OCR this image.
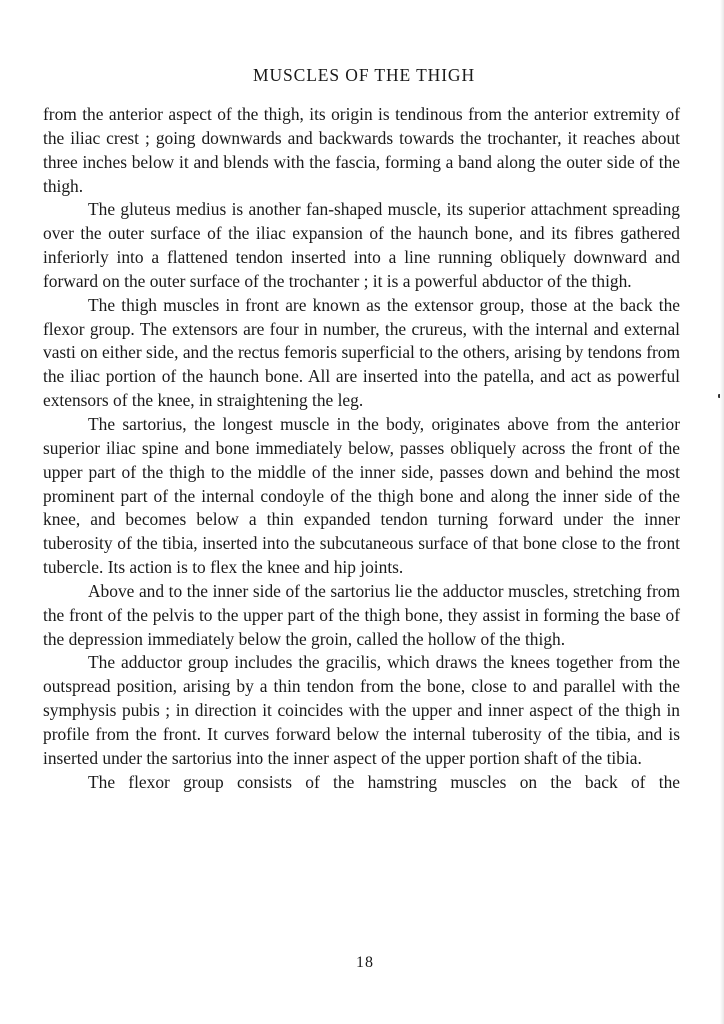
MUSCLES OF THE THIGH

from the anterior aspect of the thigh, its origin is tendinous from the anterior extremity of the iliac crest ; going downwards and backwards towards the trochanter, it reaches about three inches below it and blends with the fascia, forming a band along the outer side of the thigh.

The gluteus medius is another fan-shaped muscle, its superior attachment spreading over the outer surface of the iliac expansion of the haunch bone, and its fibres gathered inferiorly into a flattened tendon inserted into a line running obliquely downward and forward on the outer surface of the trochanter ; it is a powerful abductor of the thigh.

The thigh muscles in front are known as the extensor group, those at the back the flexor group. The extensors are four in number, the crureus, with the internal and external vasti on either side, and the rectus femoris superficial to the others, arising by tendons from the iliac portion of the haunch bone. All are inserted into the patella, and act as powerful extensors of the knee, in straightening the leg.

The sartorius, the longest muscle in the body, originates above from the anterior superior iliac spine and bone immediately below, passes obliquely across the front of the upper part of the thigh to the middle of the inner side, passes down and behind the most prominent part of the internal condoyle of the thigh bone and along the inner side of the knee, and becomes below a thin expanded tendon turning forward under the inner tuberosity of the tibia, inserted into the subcutaneous surface of that bone close to the front tubercle. Its action is to flex the knee and hip joints.

Above and to the inner side of the sartorius lie the adductor muscles, stretching from the front of the pelvis to the upper part of the thigh bone, they assist in forming the base of the depression immediately below the groin, called the hollow of the thigh.

The adductor group includes the gracilis, which draws the knees together from the outspread position, arising by a thin tendon from the bone, close to and parallel with the symphysis pubis ; in direction it coincides with the upper and inner aspect of the thigh in profile from the front. It curves forward below the internal tuberosity of the tibia, and is inserted under the sartorius into the inner aspect of the upper portion shaft of the tibia.

The flexor group consists of the hamstring muscles on the back of the

18
